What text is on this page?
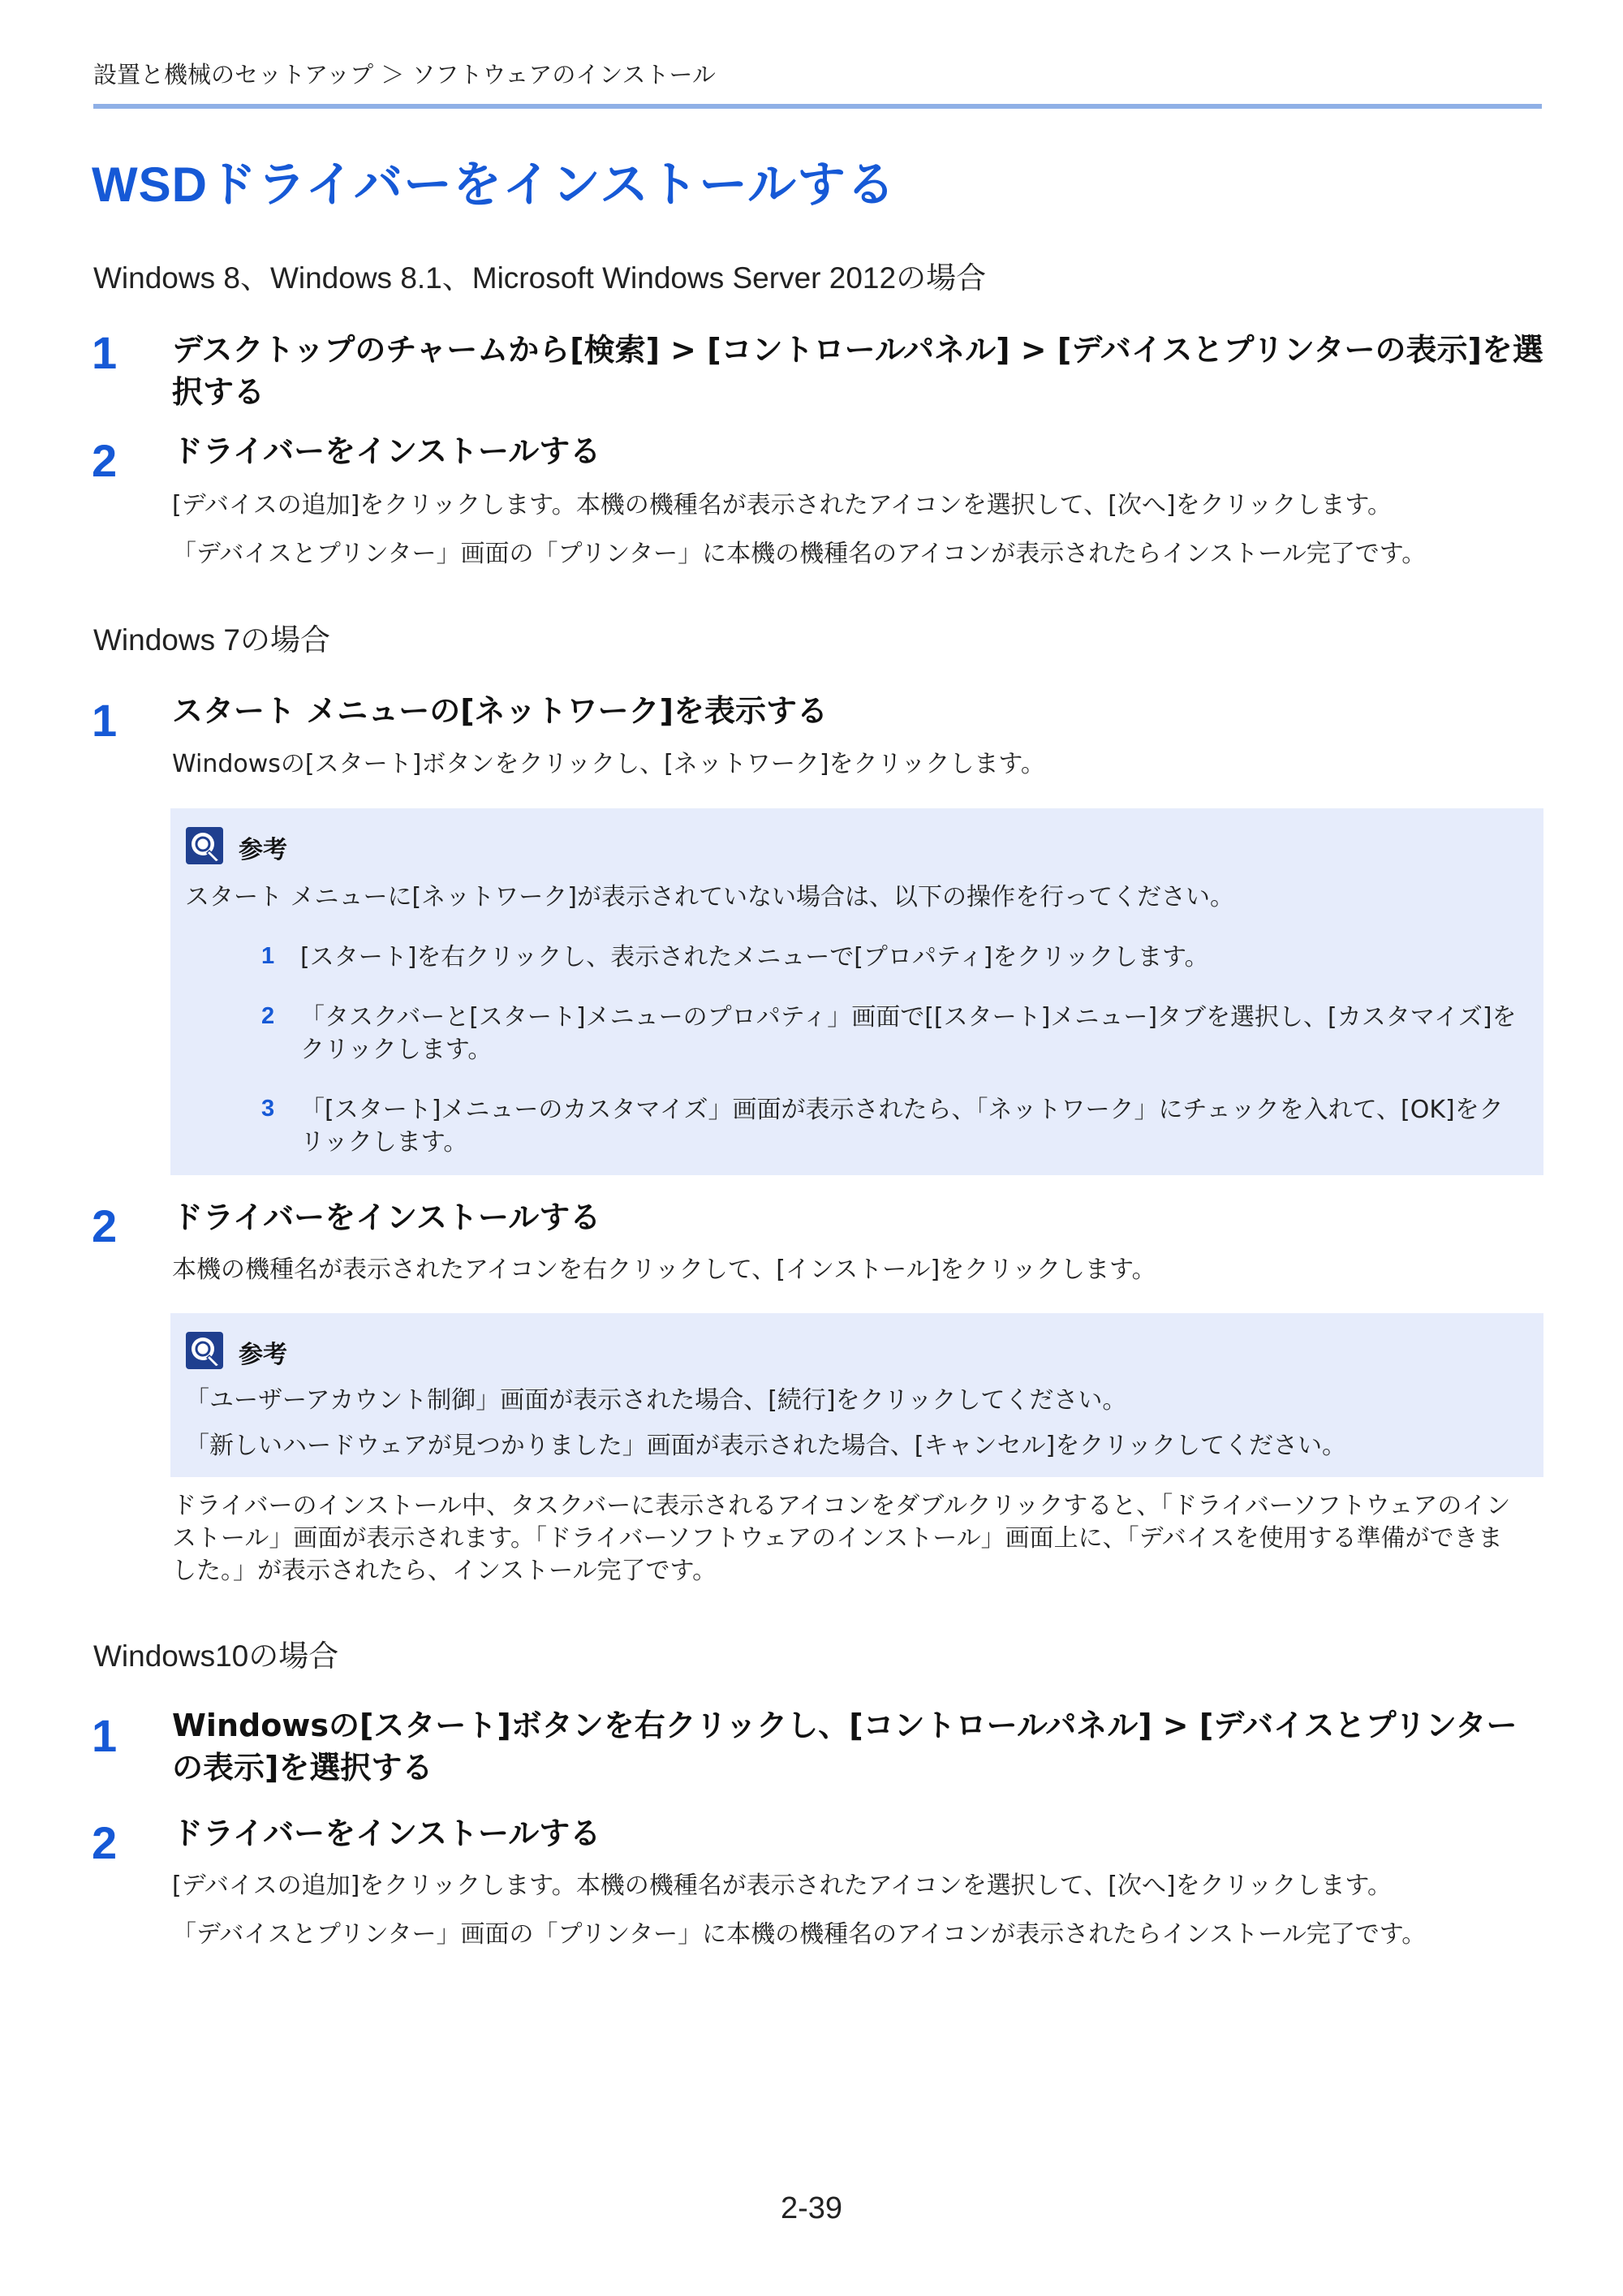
設置と機械のセットアップ ＞ ソフトウェアのインストール
WSDドライバーをインストールする
Windows 8、Windows 8.1、Microsoft Windows Server 2012の場合
1 デスクトップのチャームから[検索] > [コントロールパネル] > [デバイスとプリンターの表示]を選択する
2 ドライバーをインストールする
[デバイスの追加]をクリックします。本機の機種名が表示されたアイコンを選択して、[次へ]をクリックします。
「デバイスとプリンター」画面の「プリンター」に本機の機種名のアイコンが表示されたらインストール完了です。
Windows 7の場合
1 スタート メニューの[ネットワーク]を表示する
Windowsの[スタート]ボタンをクリックし、[ネットワーク]をクリックします。
参考
スタート メニューに[ネットワーク]が表示されていない場合は、以下の操作を行ってください。
1 [スタート]を右クリックし、表示されたメニューで[プロパティ]をクリックします。
2 「タスクバーと[スタート]メニューのプロパティ」画面で[[スタート]メニュー]タブを選択し、[カスタマイズ]をクリックします。
3 「[スタート]メニューのカスタマイズ」画面が表示されたら、「ネットワーク」にチェックを入れて、[OK]をクリックします。
2 ドライバーをインストールする
本機の機種名が表示されたアイコンを右クリックして、[インストール]をクリックします。
参考
「ユーザーアカウント制御」画面が表示された場合、[続行]をクリックしてください。
「新しいハードウェアが見つかりました」画面が表示された場合、[キャンセル]をクリックしてください。
ドライバーのインストール中、タスクバーに表示されるアイコンをダブルクリックすると、「ドライバーソフトウェアのインストール」画面が表示されます。「ドライバーソフトウェアのインストール」画面上に、「デバイスを使用する準備ができました。」が表示されたら、インストール完了です。
Windows10の場合
1 Windowsの[スタート]ボタンを右クリックし、[コントロールパネル] > [デバイスとプリンターの表示]を選択する
2 ドライバーをインストールする
[デバイスの追加]をクリックします。本機の機種名が表示されたアイコンを選択して、[次へ]をクリックします。
「デバイスとプリンター」画面の「プリンター」に本機の機種名のアイコンが表示されたらインストール完了です。
2-39
